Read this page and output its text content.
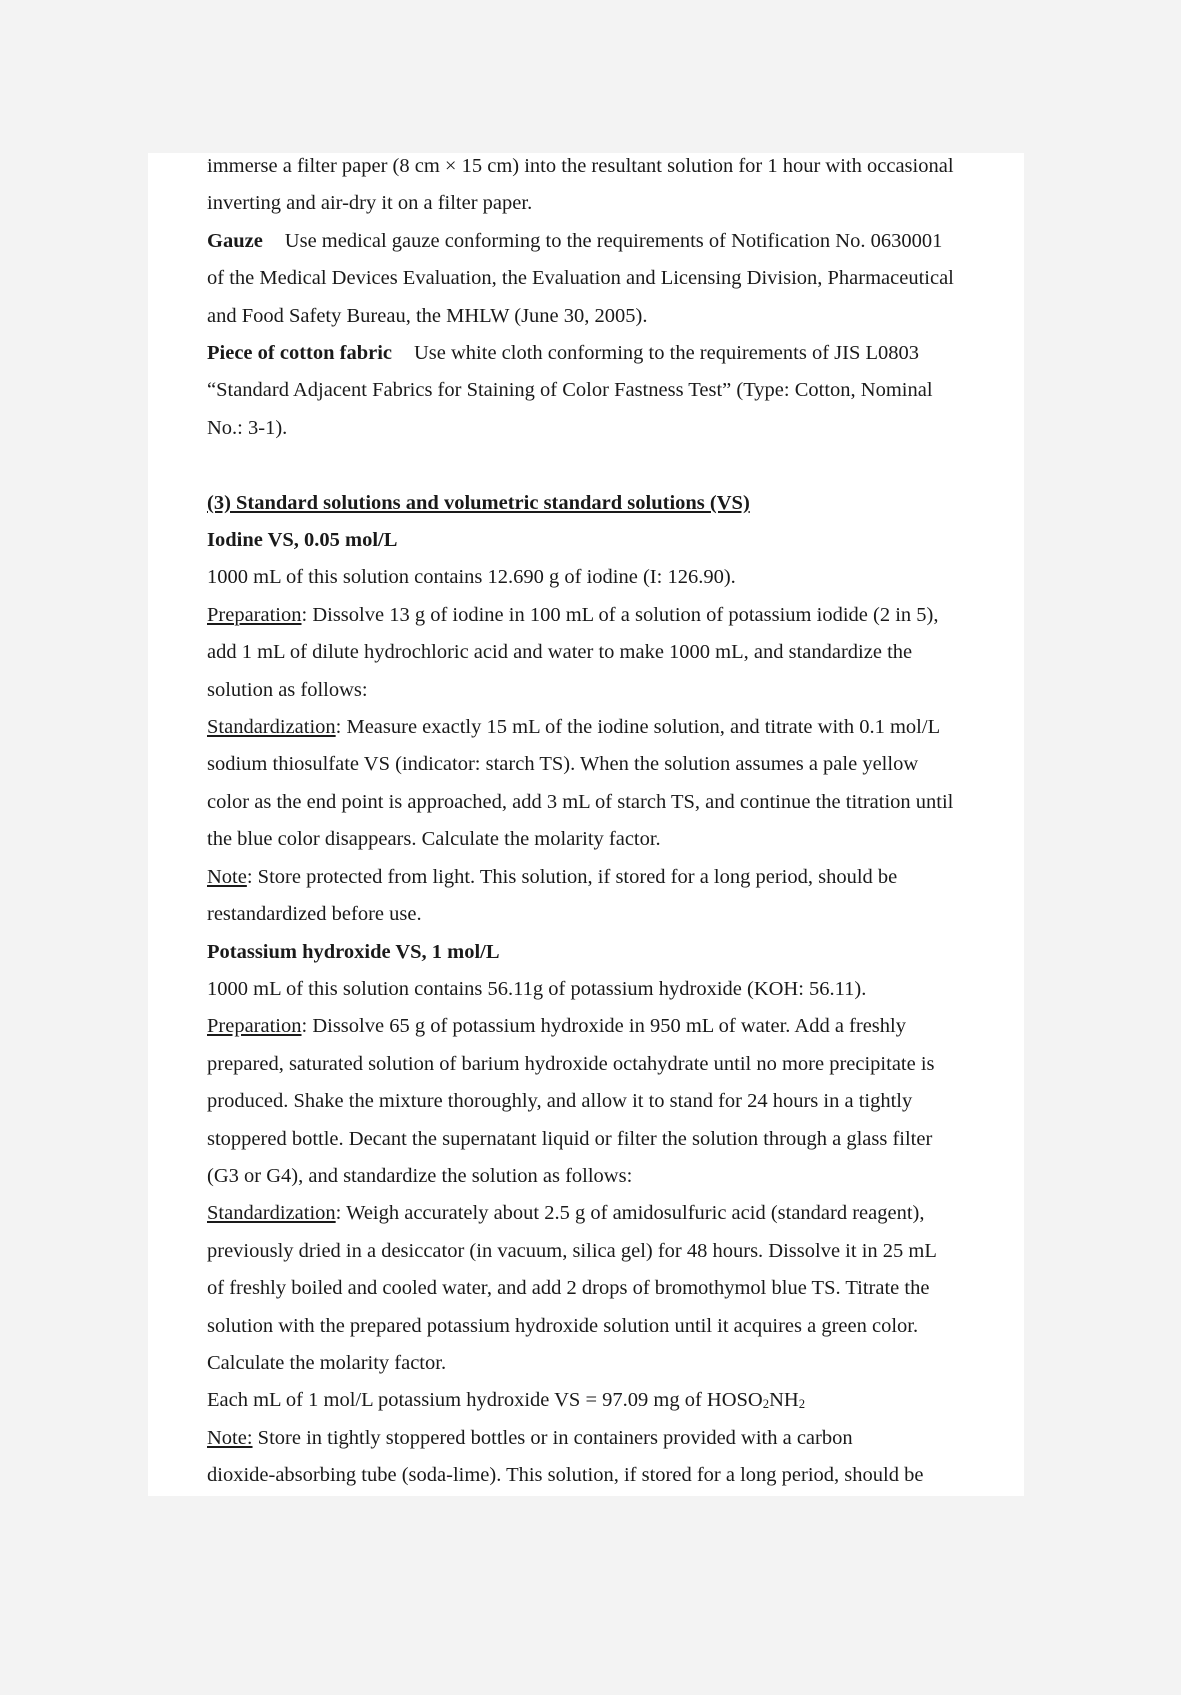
immerse a filter paper (8 cm × 15 cm) into the resultant solution for 1 hour with occasional

inverting and air-dry it on a filter paper.

Gauze Use medical gauze conforming to the requirements of Notification No. 0630001

of the Medical Devices Evaluation, the Evaluation and Licensing Division, Pharmaceutical

and Food Safety Bureau, the MHLW (June 30, 2005).

Piece of cotton fabric Use white cloth conforming to the requirements of JIS L0803

“Standard Adjacent Fabrics for Staining of Color Fastness Test” (Type: Cotton, Nominal

No.: 3-1).

(3) Standard solutions and volumetric standard solutions (VS)

Iodine VS, 0.05 mol/L

1000 mL of this solution contains 12.690 g of iodine (I: 126.90).

Preparation: Dissolve 13 g of iodine in 100 mL of a solution of potassium iodide (2 in 5),

add 1 mL of dilute hydrochloric acid and water to make 1000 mL, and standardize the

solution as follows:

Standardization: Measure exactly 15 mL of the iodine solution, and titrate with 0.1 mol/L

sodium thiosulfate VS (indicator: starch TS). When the solution assumes a pale yellow

color as the end point is approached, add 3 mL of starch TS, and continue the titration until

the blue color disappears. Calculate the molarity factor.

Note: Store protected from light. This solution, if stored for a long period, should be

restandardized before use.

Potassium hydroxide VS, 1 mol/L

1000 mL of this solution contains 56.11g of potassium hydroxide (KOH: 56.11).

Preparation: Dissolve 65 g of potassium hydroxide in 950 mL of water. Add a freshly

prepared, saturated solution of barium hydroxide octahydrate until no more precipitate is

produced. Shake the mixture thoroughly, and allow it to stand for 24 hours in a tightly

stoppered bottle. Decant the supernatant liquid or filter the solution through a glass filter

(G3 or G4), and standardize the solution as follows:

Standardization: Weigh accurately about 2.5 g of amidosulfuric acid (standard reagent),

previously dried in a desiccator (in vacuum, silica gel) for 48 hours. Dissolve it in 25 mL

of freshly boiled and cooled water, and add 2 drops of bromothymol blue TS. Titrate the

solution with the prepared potassium hydroxide solution until it acquires a green color.

Calculate the molarity factor.

Each mL of 1 mol/L potassium hydroxide VS = 97.09 mg of $HOSO_2NH_2$

Note: Store in tightly stoppered bottles or in containers provided with a carbon

dioxide-absorbing tube (soda-lime). This solution, if stored for a long period, should be
